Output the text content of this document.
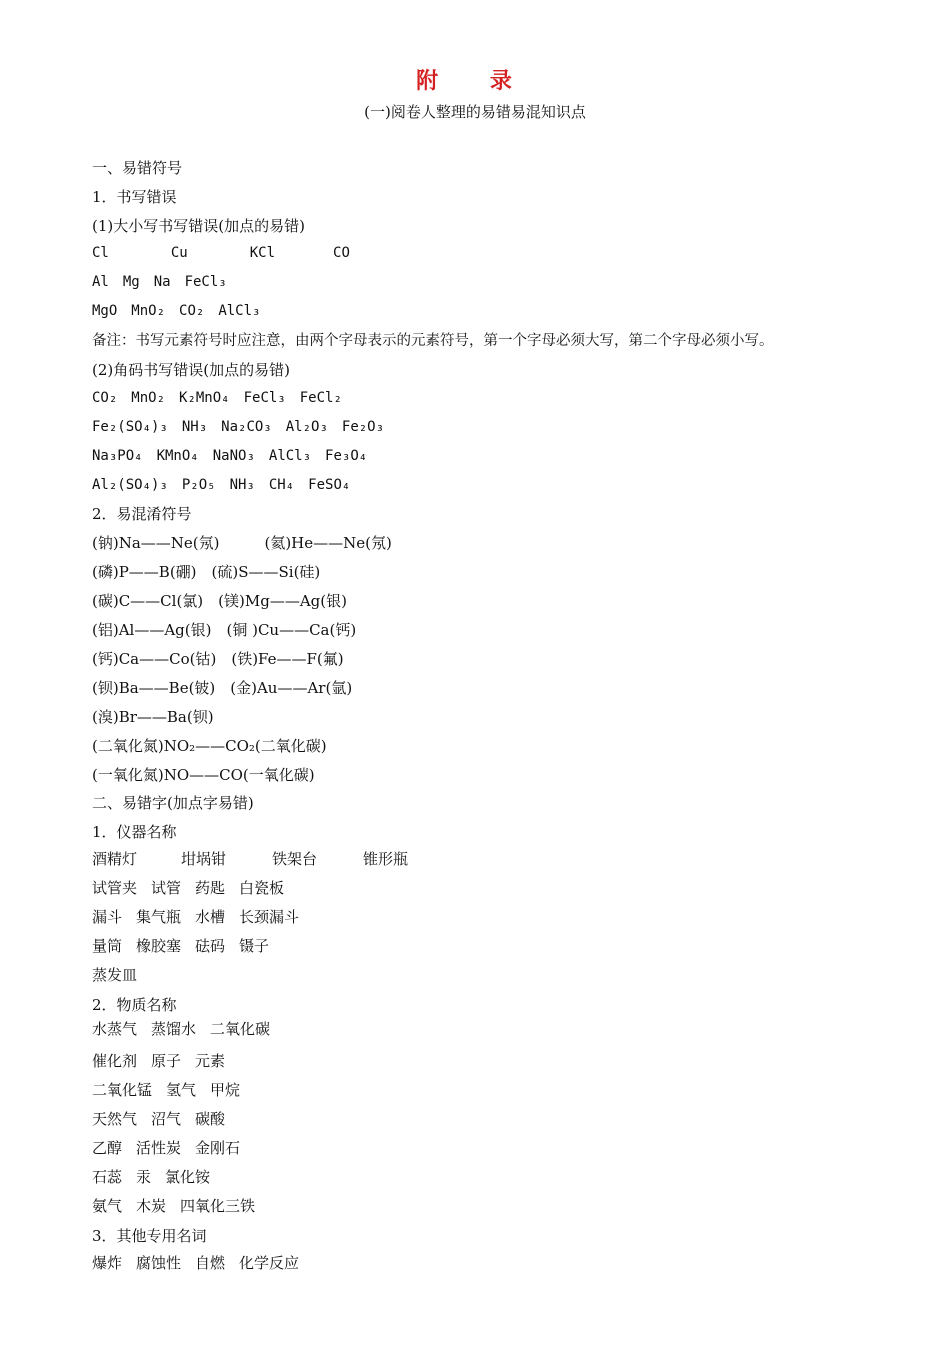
附 录
(一)阅卷人整理的易错易混知识点
一、易错符号
1．书写错误
(1)大小写书写错误(加点的易错)
Cl	Cu	KCl	CO
Al Mg Na FeCl₃
MgO MnO₂ CO₂ AlCl₃
备注：书写元素符号时应注意，由两个字母表示的元素符号，第一个字母必须大写，第二个字母必须小写。
(2)角码书写错误(加点的易错)
CO₂ MnO₂ K₂MnO₄ FeCl₃ FeCl₂
Fe₂(SO₄)₃ NH₃ Na₂CO₃ Al₂O₃ Fe₂O₃
Na₃PO₄ KMnO₄ NaNO₃ AlCl₃ Fe₃O₄
Al₂(SO₄)₃ P₂O₅ NH₃ CH₄ FeSO₄
2．易混淆符号
(钠)Na——Ne(氖)　　　(氦)He——Ne(氖)
(磷)P——B(硼)　(硫)S——Si(硅)
(碳)C——Cl(氯)　(镁)Mg——Ag(银)
(铝)Al——Ag(银)　(铜 )Cu——Ca(钙)
(钙)Ca——Co(钴)　(铁)Fe——F(氟)
(钡)Ba——Be(铍)　(金)Au——Ar(氩)
(溴)Br——Ba(钡)
(二氧化氮)NO₂——CO₂(二氧化碳)
(一氧化氮)NO——CO(一氧化碳)
二、易错字(加点字易错)
1．仪器名称
酒精灯	坩埚钳	铁架台	锥形瓶
试管夹 试管 药匙 白瓷板
漏斗 集气瓶 水槽 长颈漏斗
量筒 橡胶塞 砝码 镊子
蒸发皿
2．物质名称
水蒸气 蒸馏水 二氧化碳
催化剂 原子 元素
二氧化锰 氢气 甲烷
天然气 沼气 碳酸
乙醇 活性炭 金刚石
石蕊 汞 氯化铵
氨气 木炭 四氧化三铁
3．其他专用名词
爆炸 腐蚀性 自燃 化学反应
